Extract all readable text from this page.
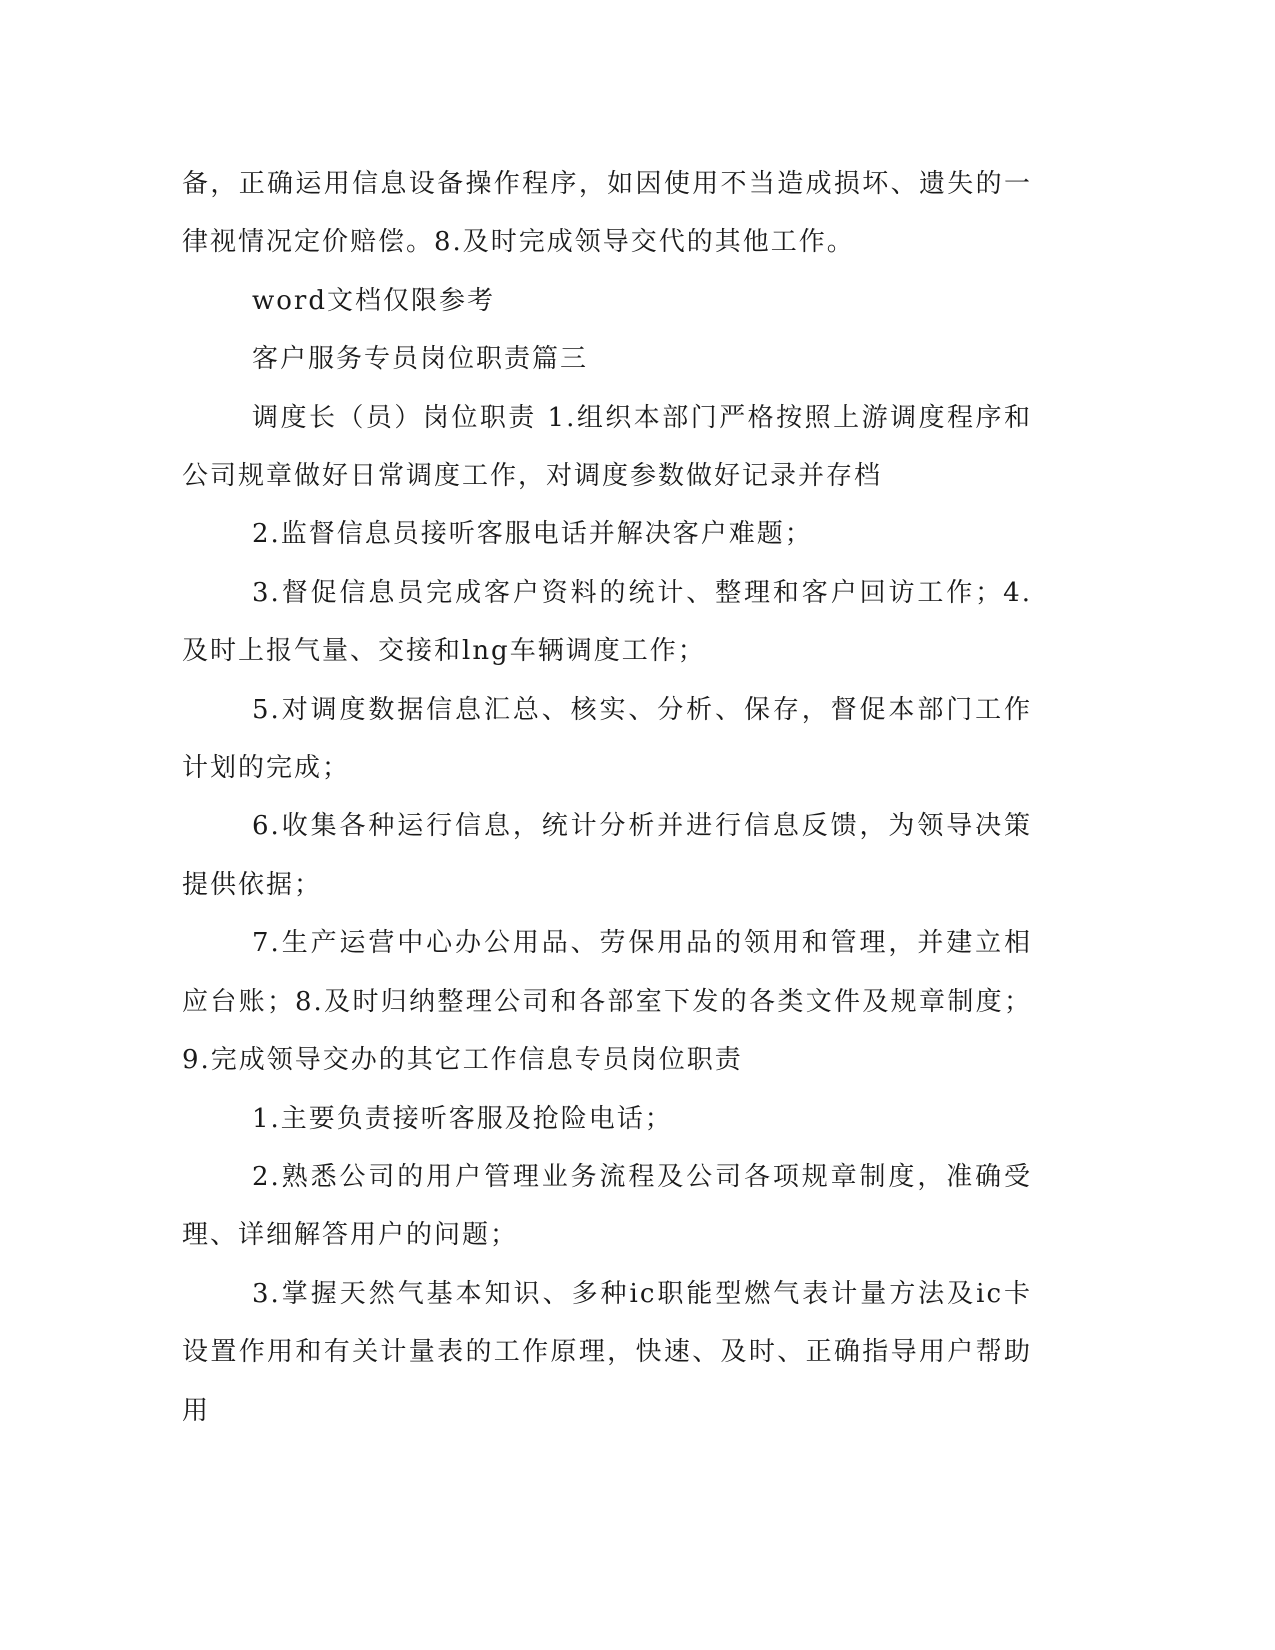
备，正确运用信息设备操作程序，如因使用不当造成损坏、遗失的一律视情况定价赔偿。8.及时完成领导交代的其他工作。

word文档仅限参考

客户服务专员岗位职责篇三

调度长（员）岗位职责 1.组织本部门严格按照上游调度程序和公司规章做好日常调度工作，对调度参数做好记录并存档

2.监督信息员接听客服电话并解决客户难题；

3.督促信息员完成客户资料的统计、整理和客户回访工作；4.及时上报气量、交接和lng车辆调度工作；

5.对调度数据信息汇总、核实、分析、保存，督促本部门工作计划的完成；

6.收集各种运行信息，统计分析并进行信息反馈，为领导决策提供依据；

7.生产运营中心办公用品、劳保用品的领用和管理，并建立相应台账；8.及时归纳整理公司和各部室下发的各类文件及规章制度；9.完成领导交办的其它工作信息专员岗位职责

1.主要负责接听客服及抢险电话；

2.熟悉公司的用户管理业务流程及公司各项规章制度，准确受理、详细解答用户的问题；

3.掌握天然气基本知识、多种ic职能型燃气表计量方法及ic卡设置作用和有关计量表的工作原理，快速、及时、正确指导用户帮助用
